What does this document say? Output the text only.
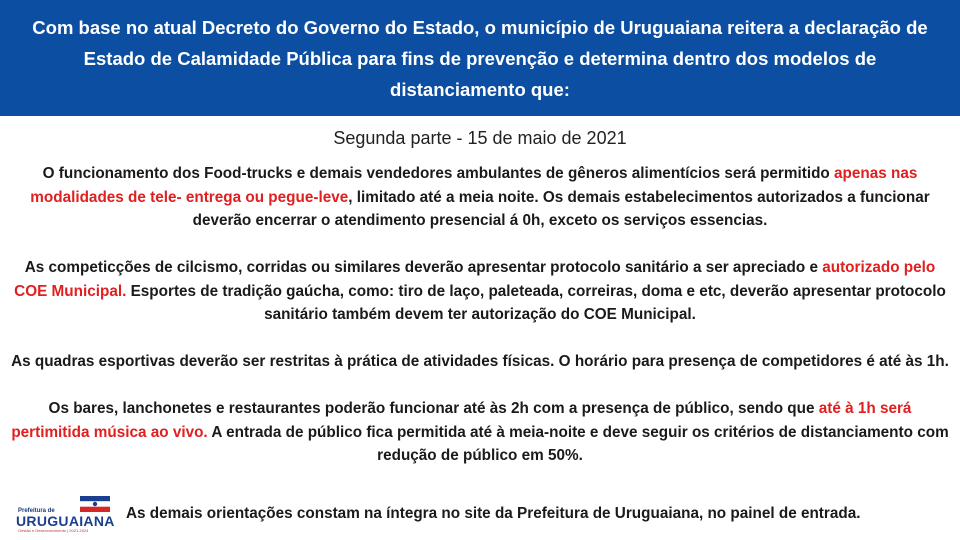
Com base no atual Decreto do Governo do Estado, o município de Uruguaiana reitera a declaração de Estado de Calamidade Pública para fins de prevenção e determina dentro dos modelos de distanciamento que:
Segunda parte - 15 de maio de 2021

O funcionamento dos Food-trucks e demais vendedores ambulantes de gêneros alimentícios será permitido apenas nas modalidades de tele- entrega ou pegue-leve, limitado até a meia noite. Os demais estabelecimentos autorizados a funcionar deverão encerrar o atendimento presencial á 0h, exceto os serviços essencias.

As competicções de cilcismo, corridas ou similares deverão apresentar protocolo sanitário a ser apreciado e autorizado pelo COE Municipal. Esportes de tradição gaúcha, como: tiro de laço, paleteada, correiras, doma e etc, deverão apresentar protocolo sanitário também devem ter autorização do COE Municipal.

As quadras esportivas deverão ser restritas à prática de atividades físicas. O horário para presença de competidores é até às 1h.

Os bares, lanchonetes e restaurantes poderão funcionar até às 2h com a presença de público, sendo que até à 1h será pertimitida música ao vivo. A entrada de público fica permitida até à meia-noite e deve seguir os critérios de distanciamento com redução de público em 50%.

Prefeitura de
URUGUAIANA
Gestão e Desenvolvimento | 2021-2024
As demais orientações constam na íntegra no site da Prefeitura de Uruguaiana, no painel de entrada.
